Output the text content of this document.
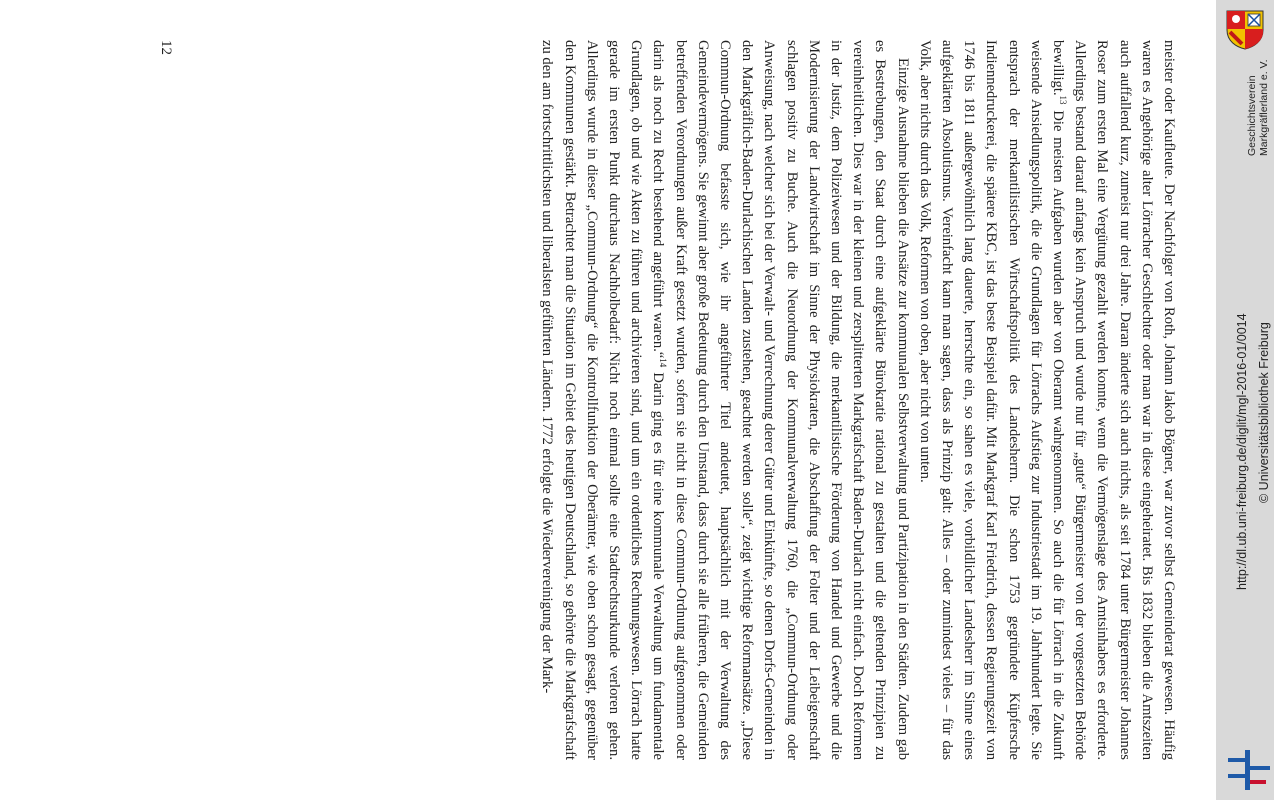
meister oder Kaufleute. Der Nachfolger von Roth, Johann Jakob Bögner, war zuvor selbst Gemeinderat gewesen. Häufig waren es Angehörige alter Lörracher Geschlechter oder man war in diese eingeheiratet. Bis 1832 blieben die Amtszeiten auch auffallend kurz, zumeist nur drei Jahre. Daran änderte sich auch nichts, als seit 1784 unter Bürgermeister Johannes Roser zum ersten Mal eine Vergütung gezahlt werden konnte, wenn die Vermögenslage des Amtsinhabers es erforderte. Allerdings bestand darauf anfangs kein Anspruch und wurde nur für „gute“ Bürgermeister von der vorgesetzten Behörde bewilligt.$^{13}$ Die meisten Aufgaben wurden aber von Oberamt wahrgenommen. So auch die für Lörrach in die Zukunft weisende Ansiedlungspolitik, die die Grundlagen für Lörrachs Aufstieg zur Industriestadt im 19. Jahrhundert legte. Sie entsprach der merkantilistischen Wirtschaftspolitik des Landesherrn. Die schon 1753 gegründete Küpfersche Indiennedruckerei, die spätere KBC, ist das beste Beispiel dafür. Mit Markgraf Karl Friedrich, dessen Regierungszeit von 1746 bis 1811 außergewöhnlich lang dauerte, herrschte ein, so sahen es viele, vorbildlicher Landesherr im Sinne eines aufgeklärten Absolutismus. Vereinfacht kann man sagen, dass als Prinzip galt: Alles – oder zumindest vieles – für das Volk, aber nichts durch das Volk, Reformen von oben, aber nicht von unten.

Einzige Ausnahme blieben die Ansätze zur kommunalen Selbstverwaltung und Partizipation in den Städten. Zudem gab es Bestrebungen, den Staat durch eine aufgeklärte Bürokratie rational zu gestalten und die geltenden Prinzipien zu vereinheitlichen. Dies war in der kleinen und zersplitterten Markgrafschaft Baden-Durlach nicht einfach. Doch Reformen in der Justiz, dem Polizeiwesen und der Bildung, die merkantilistische Förderung von Handel und Gewerbe und die Modernisierung der Landwirtschaft im Sinne der Physiokraten, die Abschaffung der Folter und der Leibeigenschaft schlagen positiv zu Buche. Auch die Neuordnung der Kommunalverwaltung 1760, die „Commun-Ordnung oder Anweisung, nach welcher sich bei der Verwalt- und Verrechnung derer Güter und Einkünfte, so denen Dorfs-Gemeinden in den Markgräflich-Baden-Durlachischen Landen zustehen, geachtet werden solle“, zeigt wichtige Reformansätze. „Diese Commun-Ordnung befasste sich, wie ihr angeführter Titel andeutet, hauptsächlich mit der Verwaltung des Gemeindevermögens. Sie gewinnt aber große Bedeutung durch den Umstand, dass durch sie alle früheren, die Gemeinden betreffenden Verordnungen außer Kraft gesetzt wurden, sofern sie nicht in diese Commun-Ordnung aufgenommen oder darin als noch zu Recht bestehend angeführt waren.“$^{14}$ Darin ging es für eine kommunale Verwaltung um fundamentale Grundlagen, ob und wie Akten zu führen und archivieren sind, und um ein ordentliches Rechnungswesen. Lörrach hatte gerade im ersten Punkt durchaus Nachholbedarf: Nicht noch einmal sollte eine Stadtrechtsurkunde verloren gehen. Allerdings wurde in dieser „Commun-Ordnung“ die Kontrollfunktion der Oberämter, wie oben schon gesagt, gegenüber den Kommunen gestärkt. Betrachtet man die Situation im Gebiet des heutigen Deutschland, so gehörte die Markgrafschaft zu den am fortschrittlichsten und liberalsten geführten Ländern. 1772 erfolgte die Wiedervereinigung der Mark-

12
Geschichtsverein Markgräflerland e. V.
http://dl.ub.uni-freiburg.de/diglit/mgl-2016-01/0014 © Universitätsbibliothek Freiburg
